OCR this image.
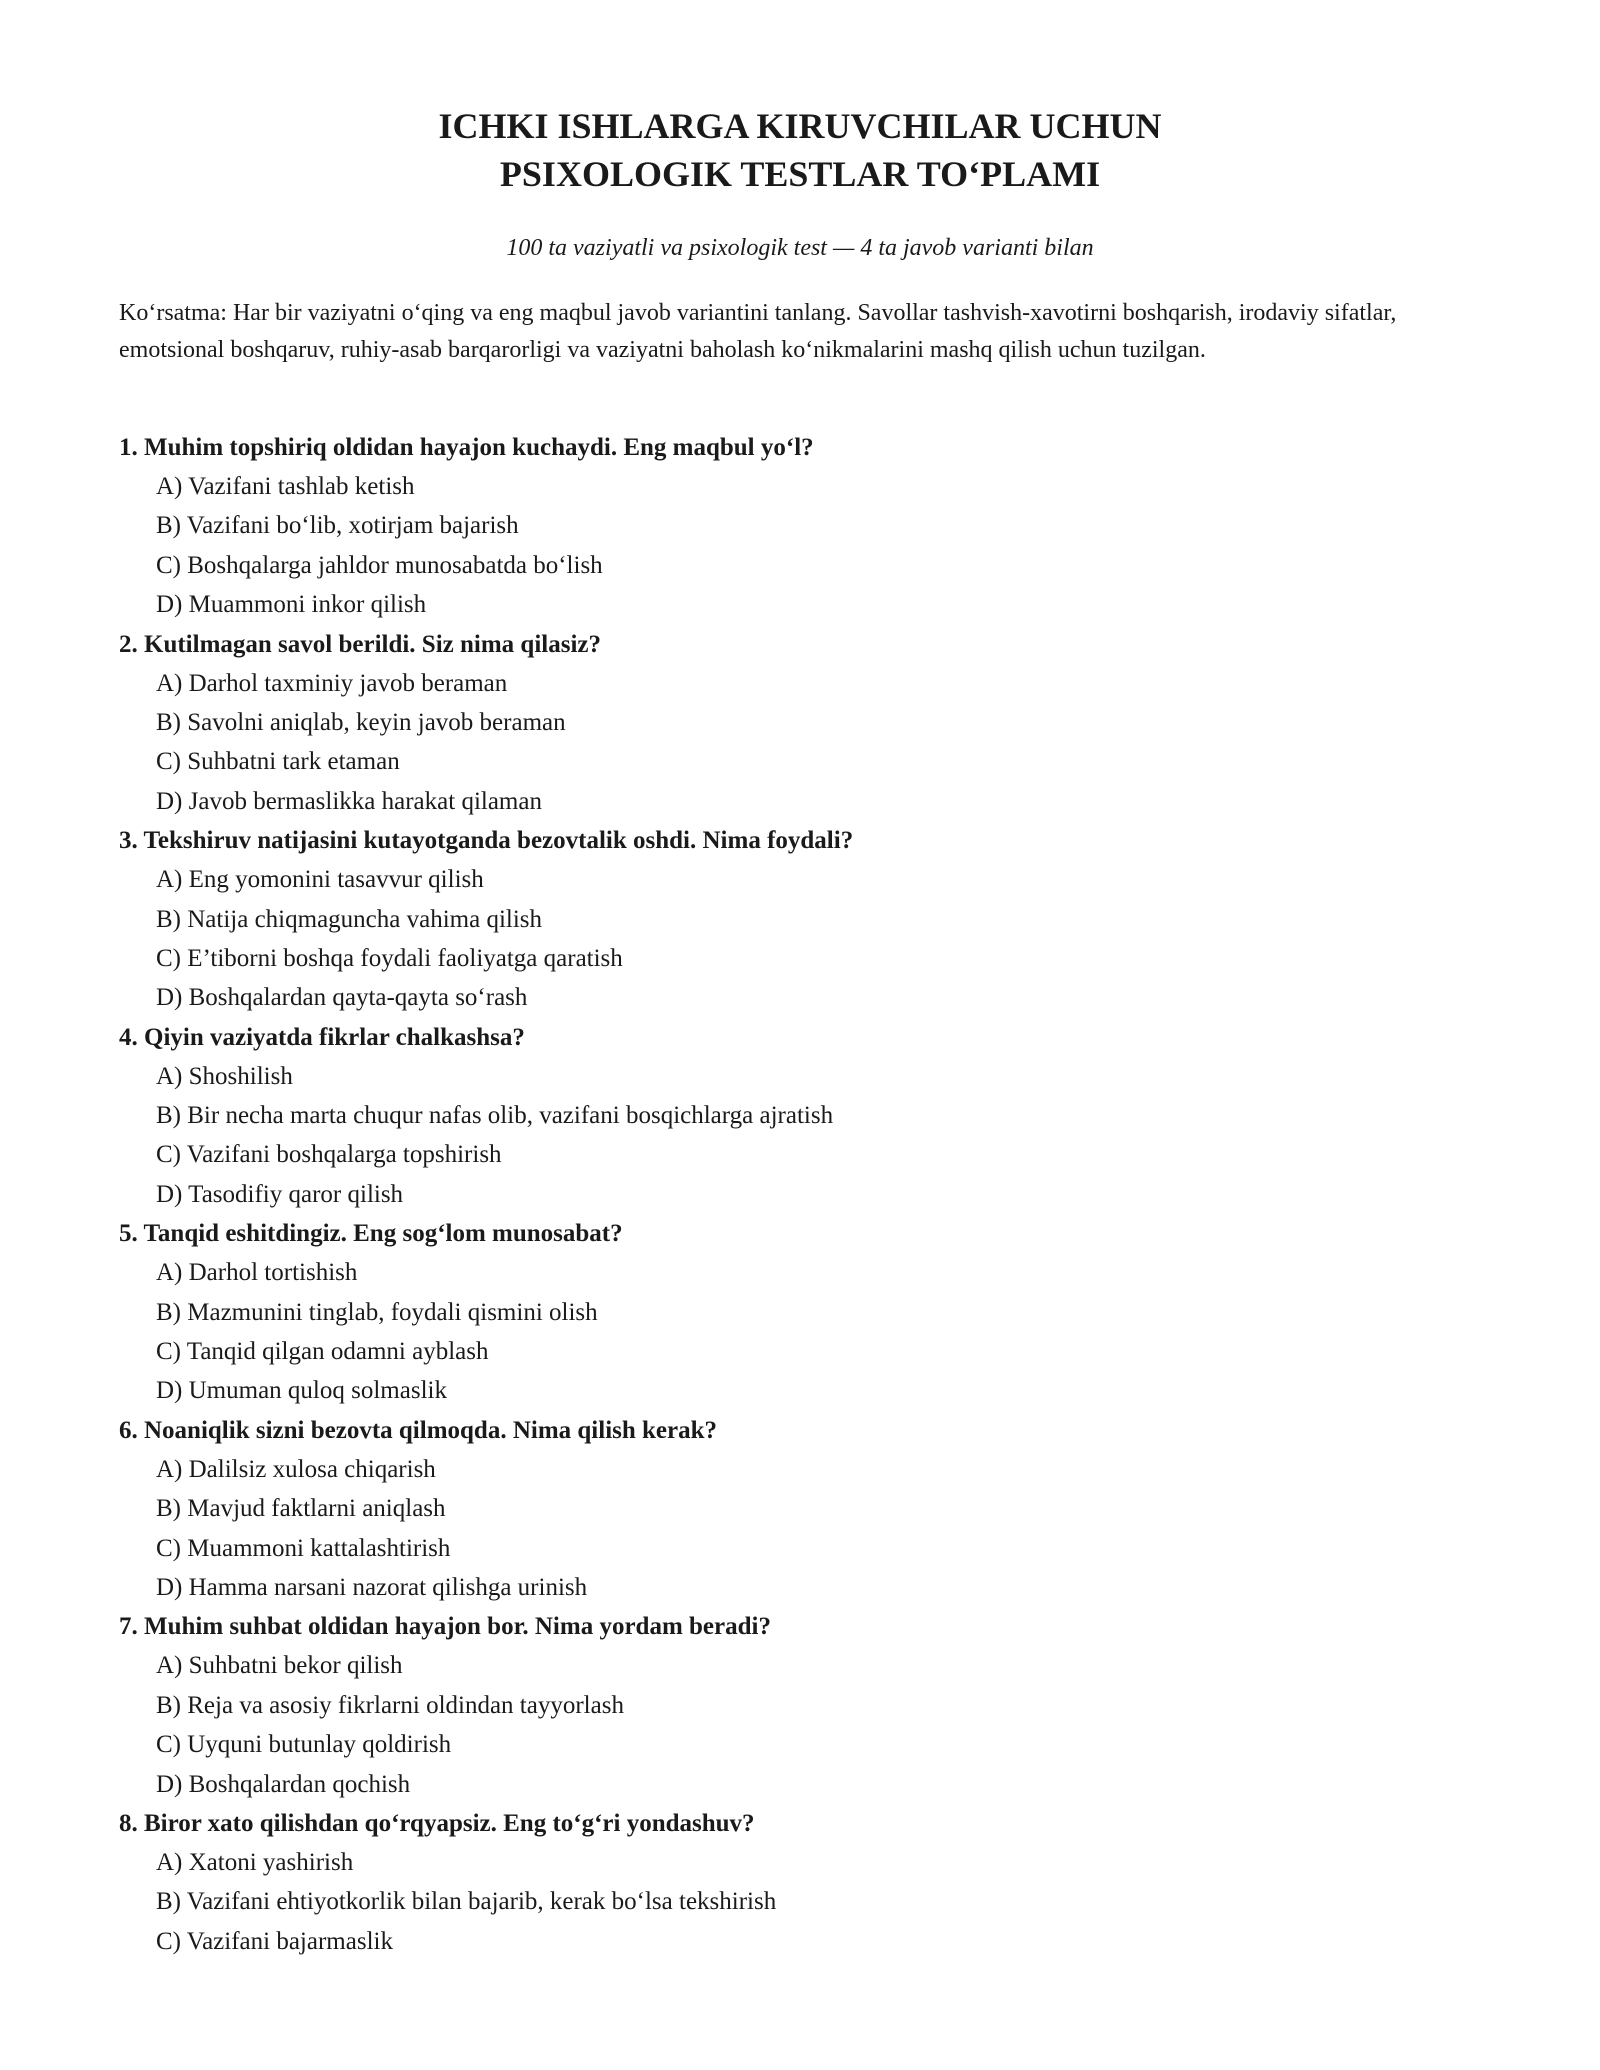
ICHKI ISHLARGA KIRUVCHILAR UCHUN
PSIXOLOGIK TESTLAR TO‘PLAMI

100 ta vaziyatli va psixologik test — 4 ta javob varianti bilan

Ko‘rsatma: Har bir vaziyatni o‘qing va eng maqbul javob variantini tanlang. Savollar tashvish-xavotirni boshqarish, irodaviy sifatlar, emotsional boshqaruv, ruhiy-asab barqarorligi va vaziyatni baholash ko‘nikmalarini mashq qilish uchun tuzilgan.

1. Muhim topshiriq oldidan hayajon kuchaydi. Eng maqbul yo‘l?

A) Vazifani tashlab ketish

B) Vazifani bo‘lib, xotirjam bajarish

C) Boshqalarga jahldor munosabatda bo‘lish

D) Muammoni inkor qilish

2. Kutilmagan savol berildi. Siz nima qilasiz?

A) Darhol taxminiy javob beraman

B) Savolni aniqlab, keyin javob beraman

C) Suhbatni tark etaman

D) Javob bermaslikka harakat qilaman

3. Tekshiruv natijasini kutayotganda bezovtalik oshdi. Nima foydali?

A) Eng yomonini tasavvur qilish

B) Natija chiqmaguncha vahima qilish

C) E’tiborni boshqa foydali faoliyatga qaratish

D) Boshqalardan qayta-qayta so‘rash

4. Qiyin vaziyatda fikrlar chalkashsa?

A) Shoshilish

B) Bir necha marta chuqur nafas olib, vazifani bosqichlarga ajratish

C) Vazifani boshqalarga topshirish

D) Tasodifiy qaror qilish

5. Tanqid eshitdingiz. Eng sog‘lom munosabat?

A) Darhol tortishish

B) Mazmunini tinglab, foydali qismini olish

C) Tanqid qilgan odamni ayblash

D) Umuman quloq solmaslik

6. Noaniqlik sizni bezovta qilmoqda. Nima qilish kerak?

A) Dalilsiz xulosa chiqarish

B) Mavjud faktlarni aniqlash

C) Muammoni kattalashtirish

D) Hamma narsani nazorat qilishga urinish

7. Muhim suhbat oldidan hayajon bor. Nima yordam beradi?

A) Suhbatni bekor qilish

B) Reja va asosiy fikrlarni oldindan tayyorlash

C) Uyquni butunlay qoldirish

D) Boshqalardan qochish

8. Biror xato qilishdan qo‘rqyapsiz. Eng to‘g‘ri yondashuv?

A) Xatoni yashirish

B) Vazifani ehtiyotkorlik bilan bajarib, kerak bo‘lsa tekshirish

C) Vazifani bajarmaslik
